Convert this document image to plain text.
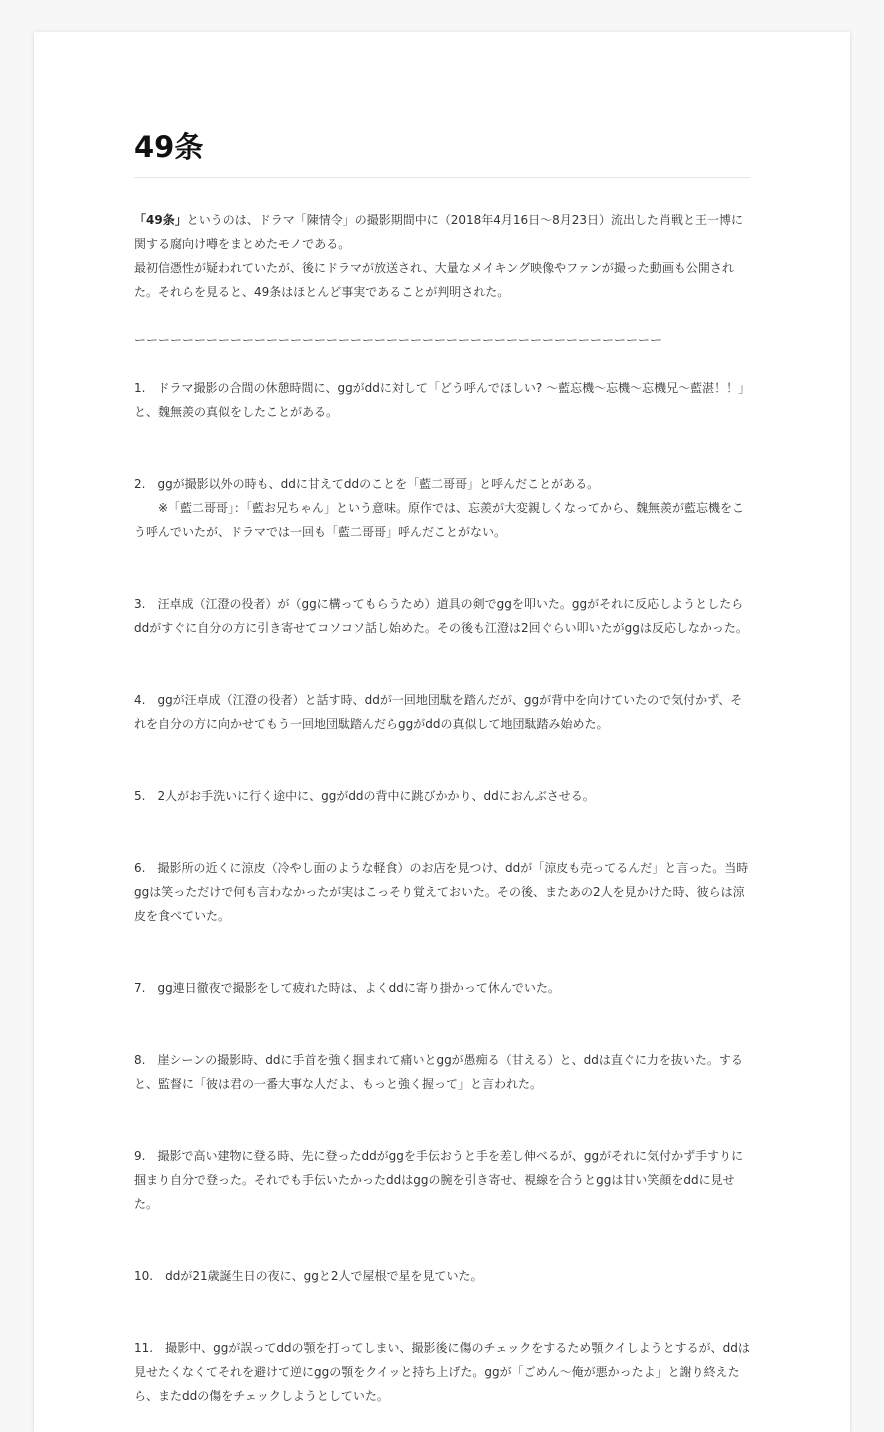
49条

「49条」というのは、ドラマ「陳情令」の撮影期間中に（2018年4月16日〜8月23日）流出した肖戦と王一博に関する腐向け噂をまとめたモノである。

最初信憑性が疑われていたが、後にドラマが放送され、大量なメイキング映像やファンが撮った動画も公開された。それらを見ると、49条はほとんど事実であることが判明された。

ーーーーーーーーーーーーーーーーーーーーーーーーーーーーーーーーーーーーーーーーーーーー

1.　ドラマ撮影の合間の休憩時間に、ggがddに対して「どう呼んでほしい? 〜藍忘機〜忘機〜忘機兄〜藍湛！！」と、魏無羨の真似をしたことがある。

2.　ggが撮影以外の時も、ddに甘えてddのことを「藍二哥哥」と呼んだことがある。

※「藍二哥哥」：「藍お兄ちゃん」という意味。原作では、忘羨が大変親しくなってから、魏無羨が藍忘機をこう呼んでいたが、ドラマでは一回も「藍二哥哥」呼んだことがない。

3.　汪卓成（江澄の役者）が（ggに構ってもらうため）道具の剣でggを叩いた。ggがそれに反応しようとしたらddがすぐに自分の方に引き寄せてコソコソ話し始めた。その後も江澄は2回ぐらい叩いたがggは反応しなかった。

4.　ggが汪卓成（江澄の役者）と話す時、ddが一回地団駄を踏んだが、ggが背中を向けていたので気付かず、それを自分の方に向かせてもう一回地団駄踏んだらggがddの真似して地団駄踏み始めた。

5.　2人がお手洗いに行く途中に、ggがddの背中に跳びかかり、ddにおんぶさせる。

6.　撮影所の近くに涼皮（冷やし面のような軽食）のお店を見つけ、ddが「涼皮も売ってるんだ」と言った。当時ggは笑っただけで何も言わなかったが実はこっそり覚えておいた。その後、またあの2人を見かけた時、彼らは涼皮を食べていた。

7.　gg連日徹夜で撮影をして疲れた時は、よくddに寄り掛かって休んでいた。

8.　崖シーンの撮影時、ddに手首を強く掴まれて痛いとggが愚痴る（甘える）と、ddは直ぐに力を抜いた。すると、監督に「彼は君の一番大事な人だよ、もっと強く握って」と言われた。

9.　撮影で高い建物に登る時、先に登ったddがggを手伝おうと手を差し伸べるが、ggがそれに気付かず手すりに掴まり自分で登った。それでも手伝いたかったddはggの腕を引き寄せ、視線を合うとggは甘い笑顔をddに見せた。

10.　ddが21歳誕生日の夜に、ggと2人で屋根で星を見ていた。

11.　撮影中、ggが誤ってddの顎を打ってしまい、撮影後に傷のチェックをするため顎クイしようとするが、ddは見せたくなくてそれを避けて逆にggの顎をクイッと持ち上げた。ggが「ごめん〜俺が悪かったよ」と謝り終えたら、またddの傷をチェックしようとしていた。
